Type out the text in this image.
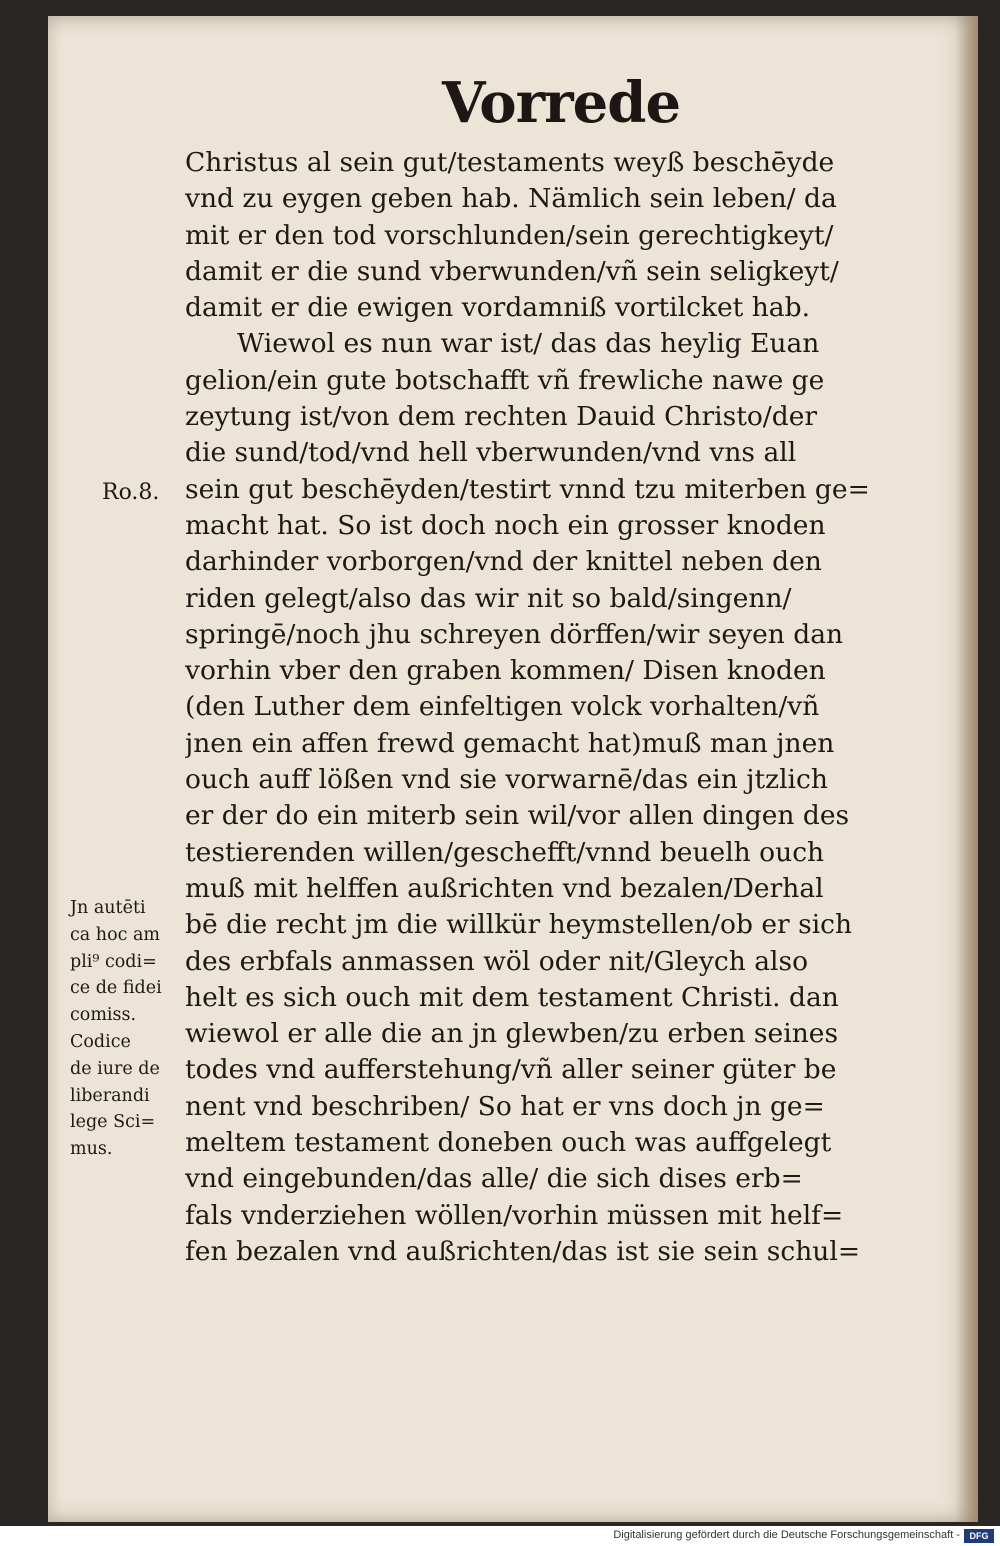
Vorrede
Christus al sein gut/testaments weyß beschēyde
vnd zu eygen geben hab. Nämlich sein leben/ da
mit er den tod vorschlunden/sein gerechtigkeyt/
damit er die sund vberwunden/vñ sein seligkeyt/
damit er die ewigen vordamniß vortilcket hab.
Wiewol es nun war ist/ das das heylig Euan
gelion/ein gute botschafft vñ frewliche nawe ge
zeytung ist/von dem rechten Dauid Christo/der
die sund/tod/vnd hell vberwunden/vnd vns all
sein gut beschēyden/testirt vnnd tzu miterben ge=
macht hat. So ist doch noch ein grosser knoden
darhinder vorborgen/vnd der knittel neben den
riden gelegt/also das wir nit so bald/singenn/
springē/noch jhu schreyen dörffen/wir seyen dan
vorhin vber den graben kommen/ Disen knoden
(den Luther dem einfeltigen volck vorhalten/vñ
jnen ein affen frewd gemacht hat)muß man jnen
ouch auff lößen vnd sie vorwarnē/das ein jtzlich
er der do ein miterb sein wil/vor allen dingen des
testierenden willen/geschefft/vnnd beuelh ouch
muß mit helffen außrichten vnd bezalen/Derhal
bē die recht jm die willkür heymstellen/ob er sich
des erbfals anmassen wöl oder nit/Gleych also
helt es sich ouch mit dem testament Christi. dan
wiewol er alle die an jn glewben/zu erben seines
todes vnd aufferstehung/vñ aller seiner güter be
nent vnd beschriben/ So hat er vns doch jn ge=
meltem testament doneben ouch was auffgelegt
vnd eingebunden/das alle/ die sich dises erb=
fals vnderziehen wöllen/vorhin müssen mit helf=
fen bezalen vnd außrichten/das ist sie sein schul=
Ro.8.
Jn autēti
ca hoc am
pli⁹ codi=
ce de fidei
comiss.
Codice
de iure de
liberandi
lege Sci=
mus.
Digitalisierung gefördert durch die Deutsche Forschungsgemeinschaft -	DFG
